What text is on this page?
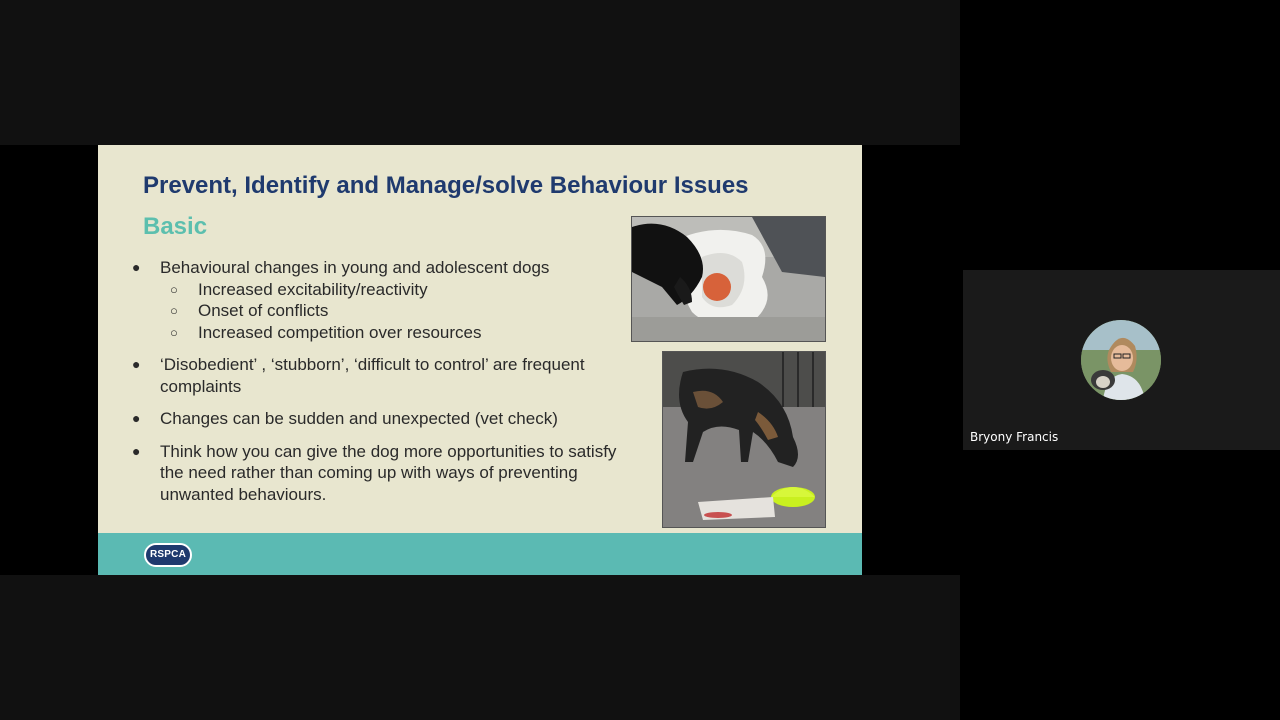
Prevent, Identify and Manage/solve Behaviour Issues
Basic
●	Behavioural changes in young and adolescent dogs
○ Increased excitability/reactivity
○ Onset of conflicts
○ Increased competition over resources
●	‘Disobedient’ , ‘stubborn’, ‘difficult to control’ are frequent complaints
●	Changes can be sudden and unexpected (vet check)
●	Think how you can give the dog more opportunities to satisfy the need rather than coming up with ways of preventing unwanted behaviours.
RSPCA
Bryony Francis
